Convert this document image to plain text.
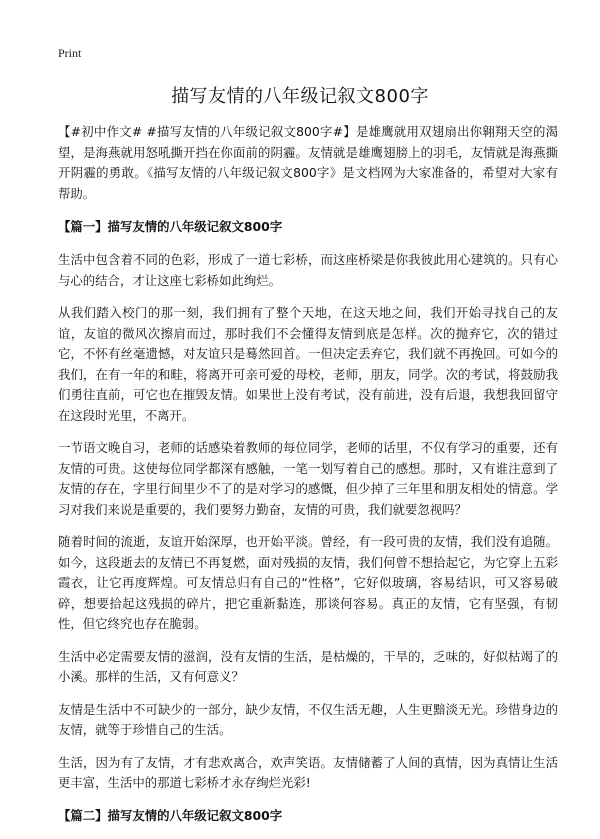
Print
描写友情的八年级记叙文800字

【#初中作文# #描写友情的八年级记叙文800字#】是雄鹰就用双翅扇出你翱翔天空的渴望，是海燕就用怒吼撕开挡在你面前的阴霾。友情就是雄鹰翅膀上的羽毛，友情就是海燕撕开阴霾的勇敢。《描写友情的八年级记叙文800字》是文档网为大家准备的，希望对大家有帮助。

【篇一】描写友情的八年级记叙文800字

生活中包含着不同的色彩，形成了一道七彩桥，而这座桥梁是你我彼此用心建筑的。只有心与心的结合，才让这座七彩桥如此绚烂。

从我们踏入校门的那一刻，我们拥有了整个天地，在这天地之间，我们开始寻找自己的友谊，友谊的微风次擦肩而过，那时我们不会懂得友情到底是怎样。次的抛弃它，次的错过它，不怀有丝毫遗憾，对友谊只是蓦然回首。一但决定丢弃它，我们就不再挽回。可如今的我们，在有一年的和畦，将离开可亲可爱的母校，老师，朋友，同学。次的考试，将鼓励我们勇往直前，可它也在摧毁友情。如果世上没有考试，没有前进，没有后退，我想我回留守在这段时光里，不离开。

一节语文晚自习，老师的话感染着教师的每位同学，老师的话里，不仅有学习的重要，还有友情的可贵。这使每位同学都深有感触，一笔一划写着自己的感想。那时，又有谁注意到了友情的存在，字里行间里少不了的是对学习的感慨，但少掉了三年里和朋友相处的情意。学习对我们来说是重要的，我们要努力勤奋，友情的可贵，我们就要忽视吗？

随着时间的流逝，友谊开始深厚，也开始平淡。曾经，有一段可贵的友情，我们没有追随。如今，这段逝去的友情已不再复燃，面对残损的友情，我们何曾不想拾起它，为它穿上五彩霞衣，让它再度辉煌。可友情总归有自己的“性格”，它好似玻璃，容易结识，可又容易破碎，想要拾起这残损的碎片，把它重新黏连，那谈何容易。真正的友情，它有坚强，有韧性，但它终究也存在脆弱。

生活中必定需要友情的滋润，没有友情的生活，是枯燥的，干旱的，乏味的，好似枯竭了的小溪。那样的生活，又有何意义？

友情是生活中不可缺少的一部分，缺少友情，不仅生活无趣，人生更黯淡无光。珍惜身边的友情，就等于珍惜自己的生活。

生活，因为有了友情，才有悲欢离合，欢声笑语。友情储蓄了人间的真情，因为真情让生活更丰富，生活中的那道七彩桥才永存绚烂光彩!

【篇二】描写友情的八年级记叙文800字
